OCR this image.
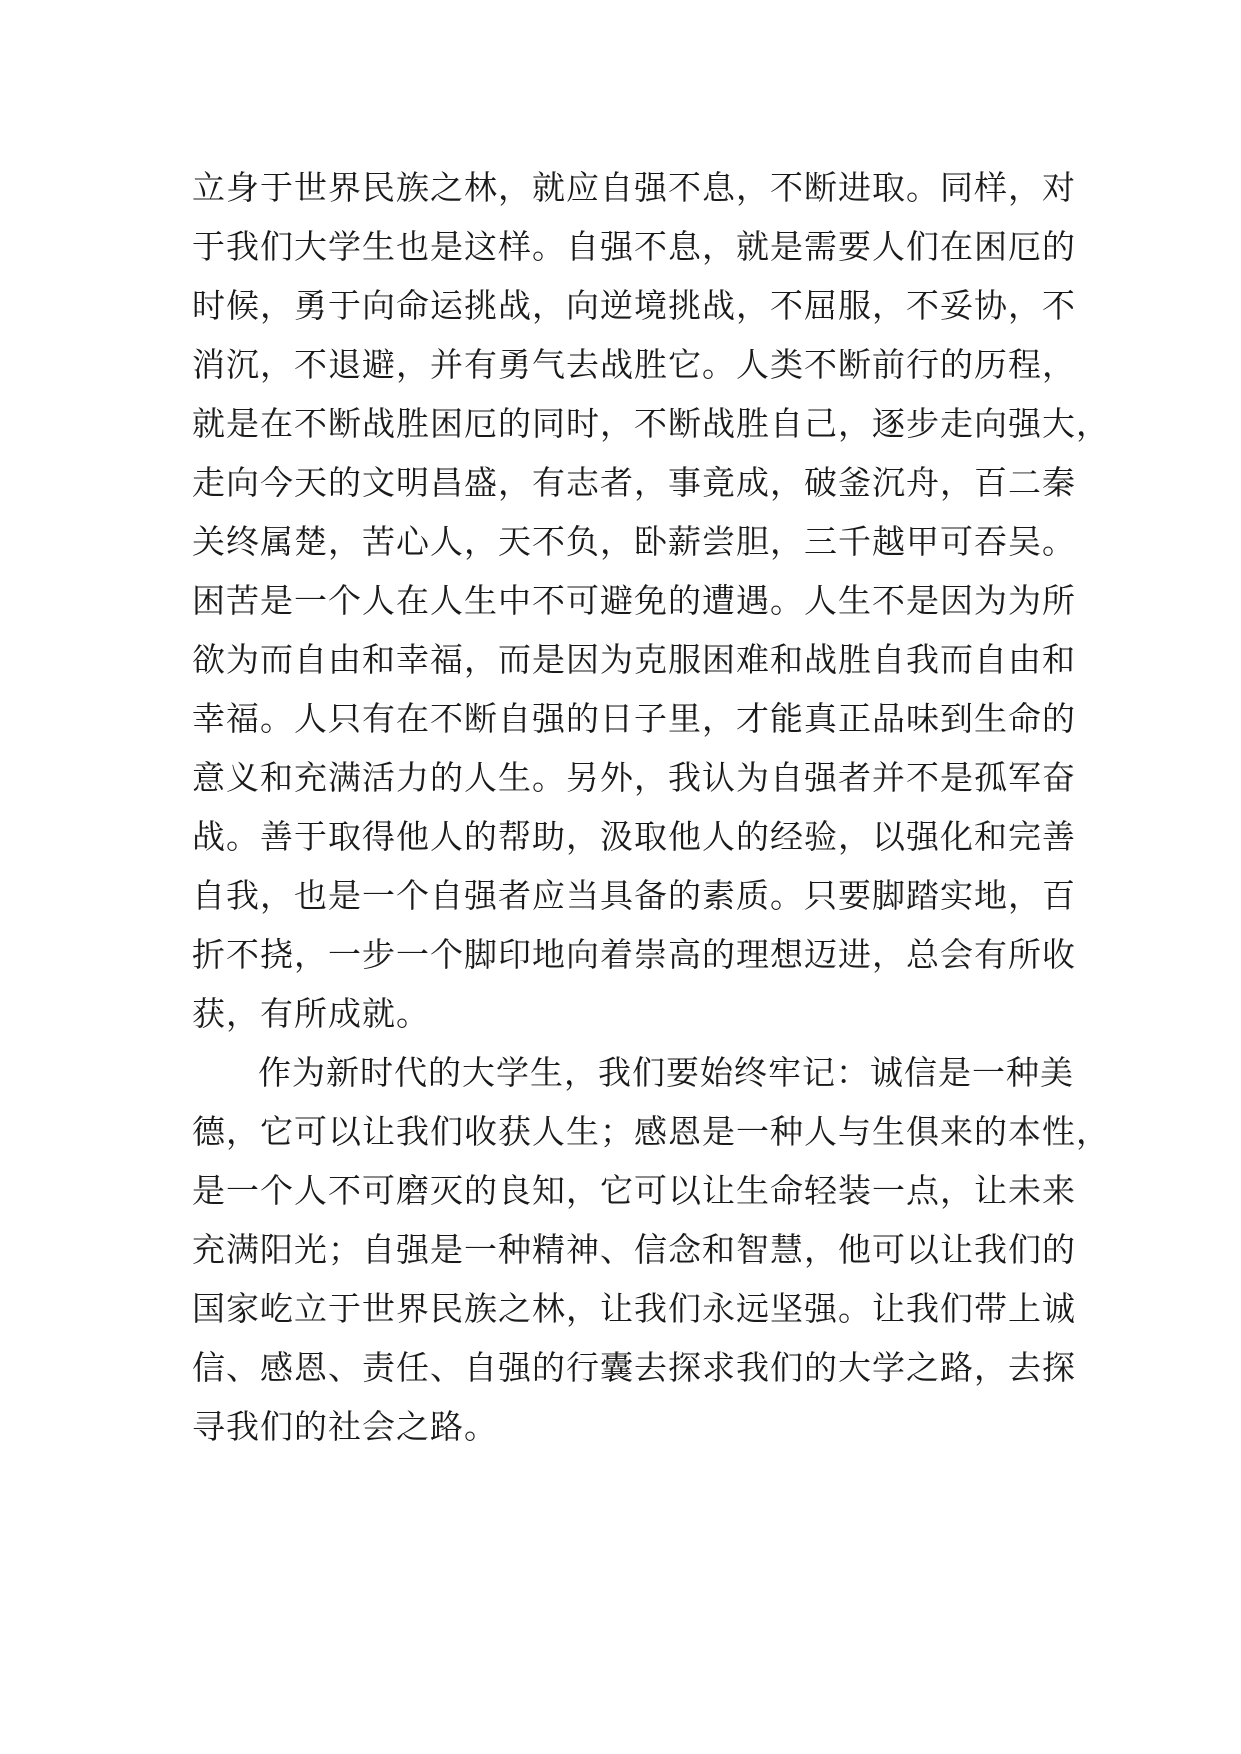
立身于世界民族之林，就应自强不息，不断进取。同样，对
于我们大学生也是这样。自强不息，就是需要人们在困厄的
时候，勇于向命运挑战，向逆境挑战，不屈服，不妥协，不
消沉，不退避，并有勇气去战胜它。人类不断前行的历程，
就是在不断战胜困厄的同时，不断战胜自己，逐步走向强大，
走向今天的文明昌盛，有志者，事竟成，破釜沉舟，百二秦
关终属楚，苦心人，天不负，卧薪尝胆，三千越甲可吞吴。
困苦是一个人在人生中不可避免的遭遇。人生不是因为为所
欲为而自由和幸福，而是因为克服困难和战胜自我而自由和
幸福。人只有在不断自强的日子里，才能真正品味到生命的
意义和充满活力的人生。另外，我认为自强者并不是孤军奋
战。善于取得他人的帮助，汲取他人的经验，以强化和完善
自我，也是一个自强者应当具备的素质。只要脚踏实地，百
折不挠，一步一个脚印地向着崇高的理想迈进，总会有所收
获，有所成就。
作为新时代的大学生，我们要始终牢记：诚信是一种美
德，它可以让我们收获人生；感恩是一种人与生俱来的本性，
是一个人不可磨灭的良知，它可以让生命轻装一点，让未来
充满阳光；自强是一种精神、信念和智慧，他可以让我们的
国家屹立于世界民族之林，让我们永远坚强。让我们带上诚
信、感恩、责任、自强的行囊去探求我们的大学之路，去探
寻我们的社会之路。
